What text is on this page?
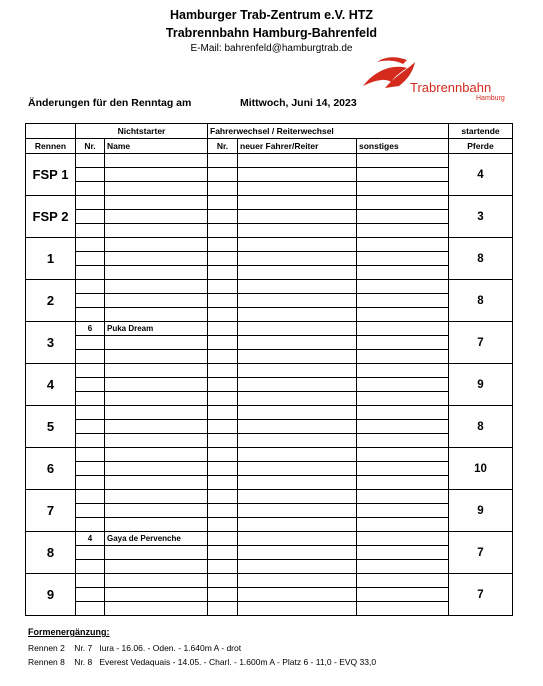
Hamburger Trab-Zentrum e.V. HTZ
Trabrennbahn Hamburg-Bahrenfeld
E-Mail: bahrenfeld@hamburgtrab.de
Trabrennbahn
Hamburg
Änderungen für den Renntag am	Mittwoch, Juni 14, 2023
	Nichtstarter		Fahrerwechsel / Reiterwechsel			startende
Rennen	Nr.	Name	Nr.	neuer Fahrer/Reiter	sonstiges	Pferde
FSP 1						4

FSP 2						3

1						8

2						8

3	6	Puka Dream				7

4						9

5						8

6						10

7						9

8	4	Gaya de Pervenche				7

9						7

Formenergänzung:
Rennen 2    Nr. 7   Iura - 16.06. - Oden. - 1.640m A - drot
Rennen 8    Nr. 8   Everest Vedaquais - 14.05. - Charl. - 1.600m A - Platz 6 - 11,0 - EVQ 33,0
